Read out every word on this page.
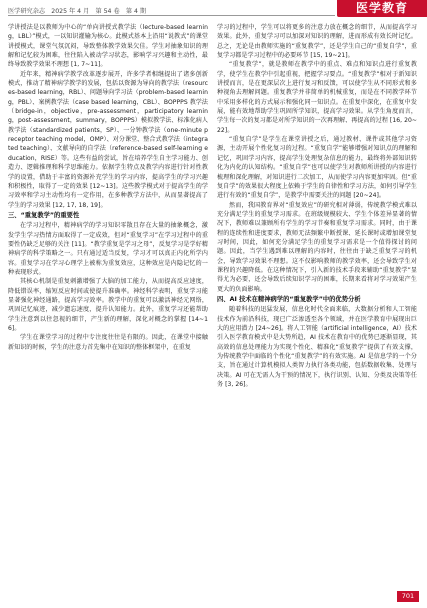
医学研究杂志　2025 年 4 月　第 54 卷　第 4 期	医学教育

学讲授法是以教师为中心的“单向讲授式教学法（lecture-based learning，LBL）”模式，一以知识灌输为核心。此模式基本上沿用“说教式”的课堂讲授模式，课堂气氛沉闷，导致整体教学效果欠佳。学生对抽象知识的理解和记忆较为困难，往往陷入被动学习状态，影响学习兴趣和主动性，最终导致教学效果不理想 [1, 7~11]。

近年来，精神病学教学改革逐步展开，许多学者相继提出了诸多创新模式，推动了精神病学教学的发展，包括以资源为导向的教学法（resources-based learning，RBL）、问题导向学习法（problem-based learning，PBL）、案例教学法（case based learning，CBL）、BOPPPS 教学法（bridge-in，objective，pre-assessment，participatory learning，post-assessment，summary，BOPPPS）模拟教学法、标准化病人教学法（standardized patients，SP）、一分钟教学法（one-minute preceptor teaching model，OMP）、对分课堂、整合式教学法（integrated teaching）、文献导向的自学法（reference-based self-learning education，RISE）等。这些有益的尝试，旨在培养学生自主学习能力、创造力、逻辑推理和科学思维能力。依据学生特点及教学内容进行针对性教学的设置，借助于丰富的资源补充学生的学习内容，提高学生的学习兴趣和积极性，取得了一定的效果 [12~13]。这些教学模式对于提高学生的学习效率和学习主动性均有一定作用，在多种教学方法中，从而显著提高了学生的学习效果 [12, 17, 18, 19]。

三、“重复教学”的重要性

在学习过程中，精神病学的学习知识零散且存在大量的抽象概念，激发学生学习热情方面取得了一定成效，但对“重复学习”在学习过程中的重要性仍缺乏足够的关注 [11]。“教学重复是学习之母”，反复学习是学好精神病学的科学策略之一。只有通过适当反复，学习才可以真正内化所学内容。重复学习在学习心理学上被称为重复效应，这种效应是内隐记忆的一种表现形式。

其核心机制是重复刺激增强了大脑的加工能力，从而提高反应速度，降低错误率，缩短反应时间或使提升准确率。神经科学表明，重复学习能显著强化神经通路，提高学习效率。教学中的重复可以激活神经元网络，巩固记忆痕迹，减少遗忘速度，提升认知能力。此外，重复学习还能帮助学生注意到以往忽视的细节，产生新的理解，深化对概念的掌握 [14~16]。

学生在课堂学习的过程中专注度往往是有限的。因此，在课堂中接触新知识的时候，学生的注意力首先集中在知识的整体框架中，在重复

学习的过程中，学生可以将更多的注意力放在概念的细节，从而提高学习效果。此外，重复学习可以加深对知识的理解，进而形成有效长时记忆。总之，无论是由教师实施的“重复教学”，还是学生自己的“重复自学”，重复学习都是学习过程中的必要环节 [15, 19~21]。

“重复教学”，就是教师在教学中的重点、难点和知识点进行重复教学，使学生在教学中引起重视，把握学习要点。“重复教学”相对于新知识讲授而言，是在更深层次上进行复习和反馈，可以使学生从不同形式和多种视角去理解问题。重复教学并非简单的机械重复，而是在不同教学环节中采用多样化的方式展示和强化同一知识点。在重复中深化，在重复中发展，能有效地帮助学生巩固所学知识，提高学习效果。从学生角度而言，学生每一次的复习都是对所学知识的一次再理解、再提高的过程 [16, 20~22]。

“重复自学”是学生在课堂讲授之后，通过教材、课件或其他学习资源，主动开展个性化复习的过程。“重复自学”能够增强对知识点的理解和记忆，巩固学习内容，提高学生处理复杂信息的能力，最终将外部知识转化为内化的认知结构。“重复自学”也可以使学生对教师所讲授的内容进行梳理和深化理解，对知识进行二次加工，从而使学习内容更加牢固。但“重复自学”的效果很大程度上依赖于学生的自律性和学习方法，如何引导学生进行有效的“重复自学”，是教学中需要关注的问题 [20~24]。

然而，我国教育界对“重复效应”的研究相对薄弱，传统教学模式难以充分满足学生的重复学习需求。在班级规模较大、学生个体差异显著的情况下，教师难以兼顾所有学生的学习节奏和重复学习需求。同时，由于课程的连续性和进度要求，教师无法频繁中断授课、延长课时或增加课堂复习时间，因此，如何充分满足学生的重复学习需求是一个值得探讨的问题。因此，当学生遇到难以理解的内容时，往往由于缺乏重复学习的机会，导致学习效果不理想。这不仅影响教师的教学效率，还会导致学生对课程的兴趣降低。在这种情况下，引入新的技术手段来辅助“重复教学”显得尤为必要，还会导致后续知识学习的困难，长期来看将对学习效果产生更大的负面影响。

四、AI 技术在精神病学的“重复教学”中的优势分析

随着科技的迅猛发展，信息化时代全面来临，大数据分析和人工智能技术作为前沿科技，现已广泛渗透至各个领域，并在医学教育中展现出巨大的应用潜力 [24~26]。将人工智能（artificial intelligence，AI）技术引入医学教育模式中是大势所趋，AI 技术在教育中的优势已逐渐显现，其高效的信息处理能力为实现个性化、精准化“重复教学”提供了有效支撑，为传统教学中面临的个性化“重复教学”的有效实施。AI 是信息学的一个分支，旨在通过计算机模拟人类智力执行各类功能，包括数据收集、处理与决策。AI 可在无需人为干预的情况下，执行识别、认知、分类及决策等任务 [3, 26]。

701
